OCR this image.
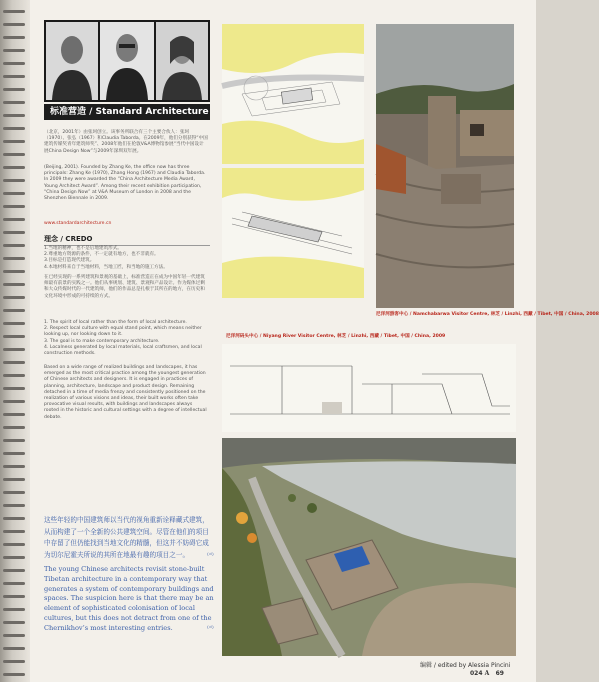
标准营造 / Standard Architecture
（北京，2001年）由张珂创立。该事务所联合有三个主要合伙人：张珂（1970）、张弘（1967）和Claudia Taborda。在2009年，他们分别获得“中国建筑传媒奖青年建筑师奖”、2008年他们在伦敦V&A博物馆参展“当代中国设计展China Design Now”与2009年深圳双年展。
(Beijing, 2001). Founded by Zhang Ke, the office now has three principals: Zhang Ke (1970), Zhang Hong (1967) and Claudia Taborda. In 2009 they were awarded the “China Architecture Media Award, Young Architect Award”. Among their recent exhibition participation, “China Design Now” at V&A Museum of London in 2008 and the Shenzhen Biennale in 2009.
www.standardarchitecture.cn
理念 / CREDO
1.当地的精神，也不是后地建筑形式。
2.尊重地方资源的条件，不一定就有地方，也不非就有。
3.目标是打造现代建筑。
4.本地材料来自于当地材料，当地工匠，和当地的施工方法。
在已经实现的一系列建筑和景观的基础上，标准营造正在成为中国年轻一代建筑师最有前景的实践之一。他们从事规划、建筑、景观和产品设计。作为媒体过剩和大众传媒时代的一代建筑师，他们的作品总是扎根于其所在的地方，在历史和文化环境中形成的可持续的方式。
1. The spirit of local rather than the form of local architecture.
2. Respect local culture with equal stand point, which means neither looking up, nor looking down to it.
3. The goal is to make contemporary architecture.
4. Localness generated by local materials, local craftsmen, and local construction methods.
Based on a wide range of realized buildings and landscapes, it has emerged as the most critical practice among the youngest generation of Chinese architects and designers. It is engaged in practices of planning, architecture, landscape and product design. Remaining detached in a time of media frenzy and consistently positioned on the realization of various visions and ideas, their built works often take provocative visual results, with buildings and landscapes always rooted in the historic and cultural settings with a degree of intellectual debate.
这些年轻的中国建筑师以当代的视角重新诠释藏式建筑，从而构建了一个全新的公共建筑空间。尽管在他们的项目中存留了但仍能找到当地文化的精髓，但这并不妨碍它成为切尔尼霍夫所说的其所在地最有趣的项目之一。	(d)
The young Chinese architects revisit stone-built Tibetan architecture in a contemporary way that generates a system of contemporary buildings and spaces. The suspicion here is that there may be an element of sophisticated colonisation of local cultures, but this does not detract from one of the Chernikhov’s most interesting entries.	(d)
尼洋河游客中心 / Namchabarwa Visitor Centre, 林芝 / Linzhi, 西藏 / Tibet, 中国 / China, 2008
尼洋河码头中心 / Niyang River Visitor Centre, 林芝 / Linzhi, 西藏 / Tibet, 中国 / China, 2009
编辑 / edited by Alessia Pincini
024 A 69
